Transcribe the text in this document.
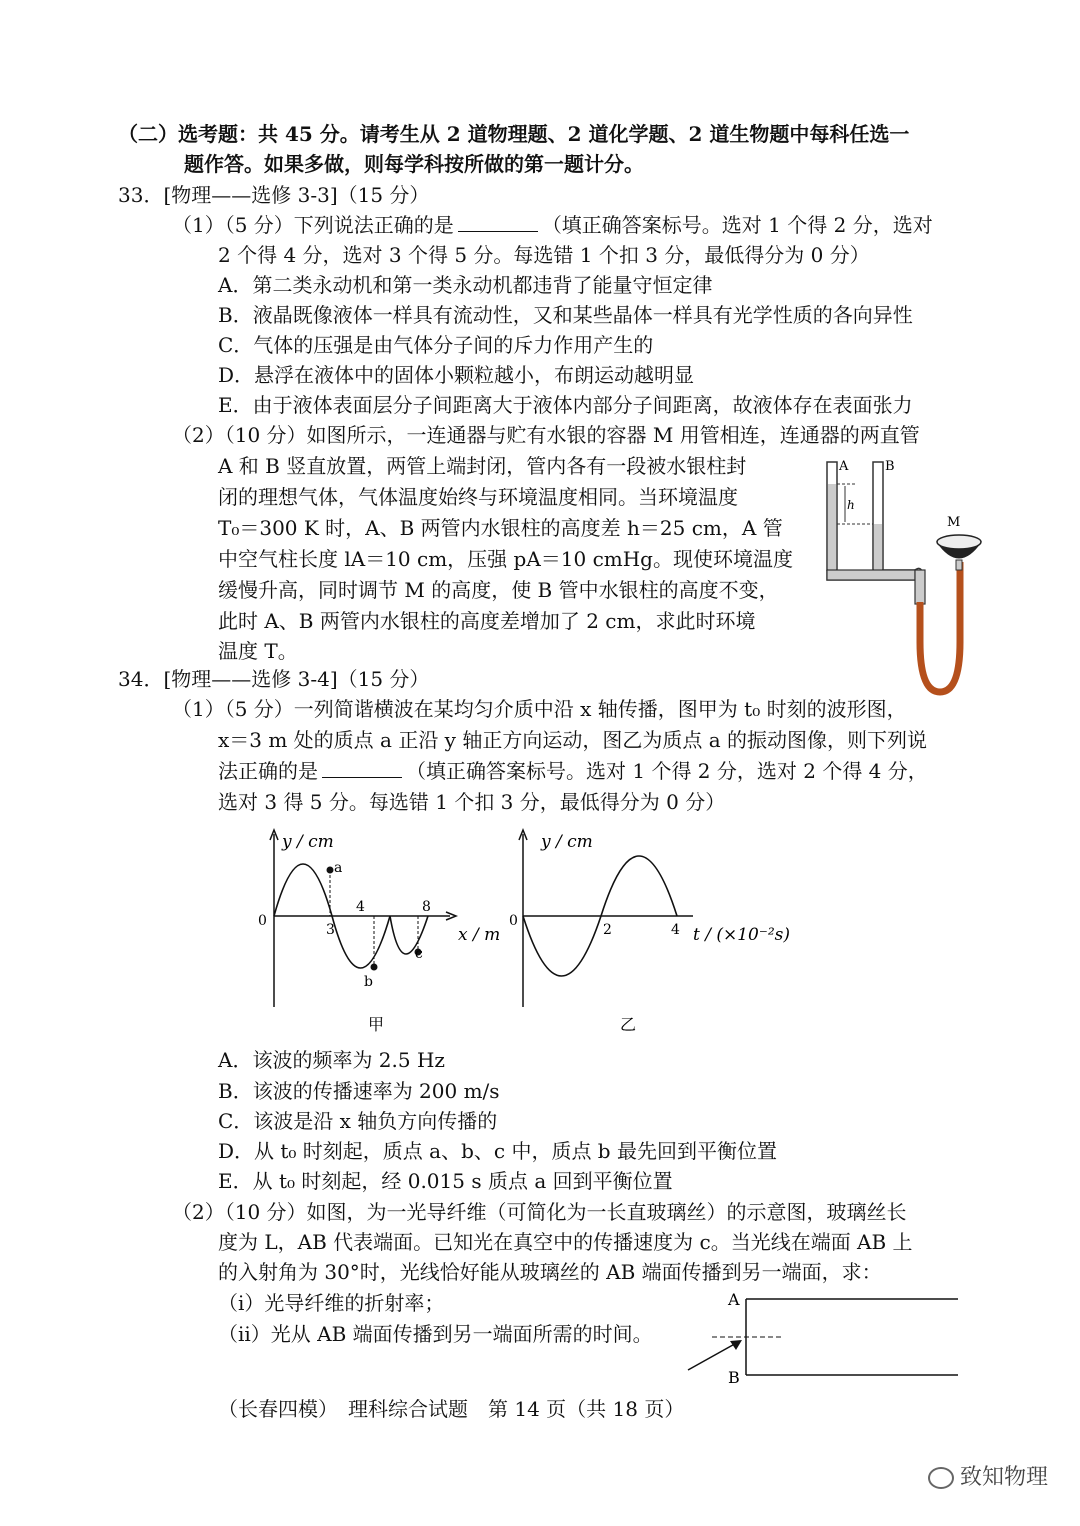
（二）选考题：共 45 分。请考生从 2 道物理题、2 道化学题、2 道生物题中每科任选一
题作答。如果多做，则每学科按所做的第一题计分。
33．[物理——选修 3-3]（15 分）
（1）（5 分）下列说法正确的是	（填正确答案标号。选对 1 个得 2 分，选对
2 个得 4 分，选对 3 个得 5 分。每选错 1 个扣 3 分，最低得分为 0 分）
A．第二类永动机和第一类永动机都违背了能量守恒定律
B．液晶既像液体一样具有流动性，又和某些晶体一样具有光学性质的各向异性
C．气体的压强是由气体分子间的斥力作用产生的
D．悬浮在液体中的固体小颗粒越小，布朗运动越明显
E．由于液体表面层分子间距离大于液体内部分子间距离，故液体存在表面张力
（2）（10 分）如图所示，一连通器与贮有水银的容器 M 用管相连，连通器的两直管
A 和 B 竖直放置，两管上端封闭，管内各有一段被水银柱封
闭的理想气体，气体温度始终与环境温度相同。当环境温度
T₀＝300 K 时，A、B 两管内水银柱的高度差 h＝25 cm，A 管
中空气柱长度 lA＝10 cm，压强 pA＝10 cmHg。现使环境温度
缓慢升高，同时调节 M 的高度，使 B 管中水银柱的高度不变，
此时 A、B 两管内水银柱的高度差增加了 2 cm，求此时环境
温度 T。
A	B
h
M
34．[物理——选修 3-4]（15 分）
（1）（5 分）一列简谐横波在某均匀介质中沿 x 轴传播，图甲为 t₀ 时刻的波形图，
x＝3 m 处的质点 a 正沿 y 轴正方向运动，图乙为质点 a 的振动图像，则下列说
法正确的是	（填正确答案标号。选对 1 个得 2 分，选对 2 个得 4 分，
选对 3 得 5 分。每选错 1 个扣 3 分，最低得分为 0 分）
y / cm
x / m
0
a
b
c
3
4	8
甲
y / cm
t / (×10⁻²s)
0
2	4
乙
A．该波的频率为 2.5 Hz
B．该波的传播速率为 200 m/s
C．该波是沿 x 轴负方向传播的
D．从 t₀ 时刻起，质点 a、b、c 中，质点 b 最先回到平衡位置
E．从 t₀ 时刻起，经 0.015 s 质点 a 回到平衡位置
（2）（10 分）如图，为一光导纤维（可简化为一长直玻璃丝）的示意图，玻璃丝长
度为 L，AB 代表端面。已知光在真空中的传播速度为 c。当光线在端面 AB 上
的入射角为 30°时，光线恰好能从玻璃丝的 AB 端面传播到另一端面，求：
（i）光导纤维的折射率；
（ii）光从 AB 端面传播到另一端面所需的时间。
A
B
（长春四模）　理科综合试题　第 14 页（共 18 页）
致知物理
